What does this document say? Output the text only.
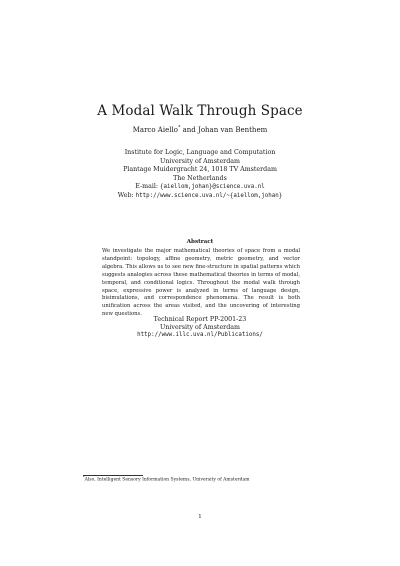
A Modal Walk Through Space
Marco Aiello* and Johan van Benthem
Institute for Logic, Language and Computation
University of Amsterdam
Plantage Muidergracht 24, 1018 TV Amsterdam
The Netherlands
E-mail: {aiellom,johan}@science.uva.nl
Web: http://www.science.uva.nl/~{aiellom,johan}
Abstract
We investigate the major mathematical theories of space from a modal standpoint: topology, affine geometry, metric geometry, and vector algebra. This allows us to see new fine-structure in spatial patterns which suggests analogies across these mathematical theories in terms of modal, temporal, and conditional logics. Throughout the modal walk through space, expressive power is analyzed in terms of language design, bisimulations, and correspondence phenomena. The result is both unification across the areas visited, and the uncovering of interesting new questions.
Technical Report PP-2001-23
University of Amsterdam
http://www.illc.uva.nl/Publications/
*Also, Intelligent Sensory Information Systems, University of Amsterdam
1
